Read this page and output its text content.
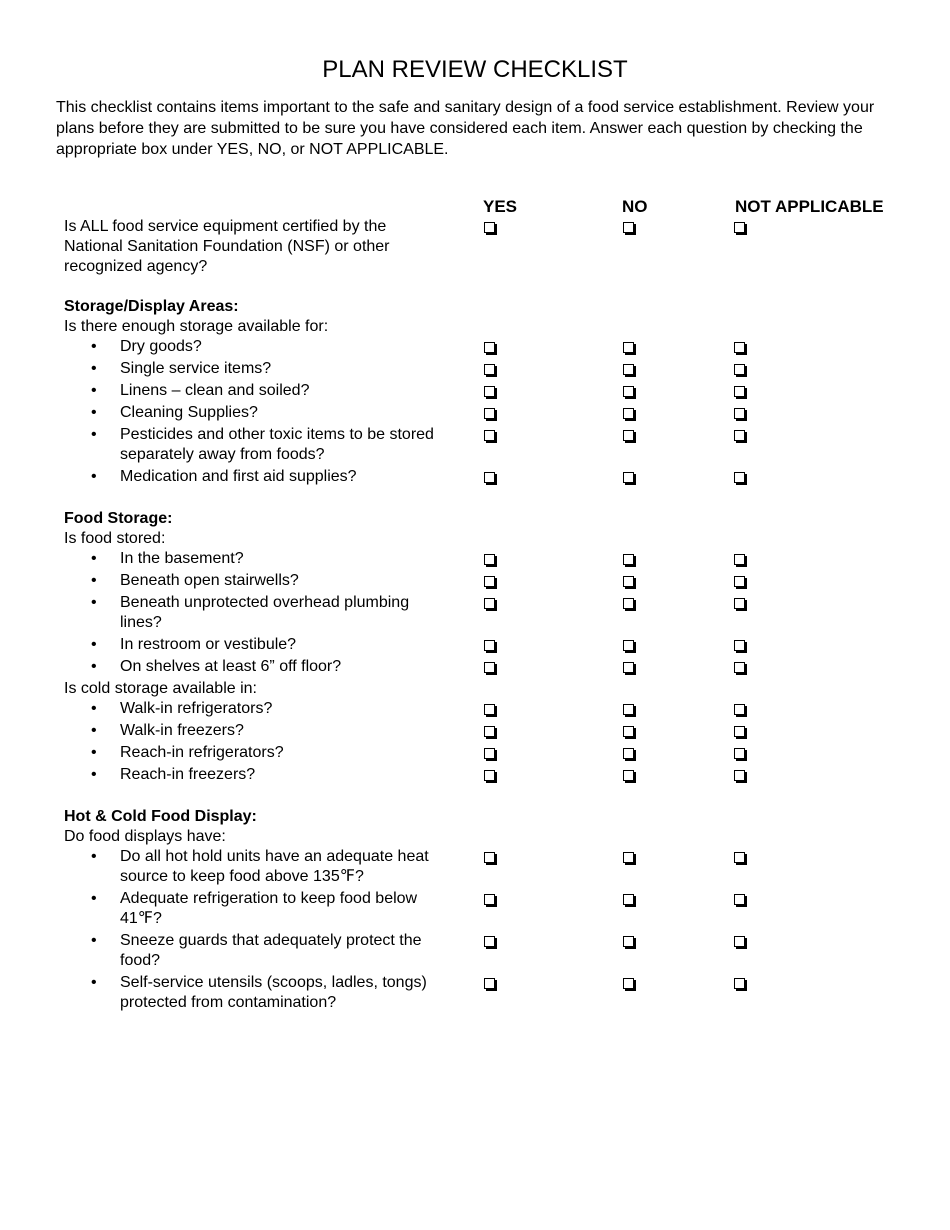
PLAN REVIEW CHECKLIST

This checklist contains items important to the safe and sanitary design of a food service establishment. Review your plans before they are submitted to be sure you have considered each item. Answer each question by checking the appropriate box under YES, NO, or NOT APPLICABLE.

YES	NO	NOT APPLICABLE
Is ALL food service equipment certified by the National Sanitation Foundation (NSF) or other recognized agency?
Storage/Display Areas:
Is there enough storage available for:
• Dry goods?
• Single service items?
• Linens – clean and soiled?
• Cleaning Supplies?
• Pesticides and other toxic items to be stored separately away from foods?
• Medication and first aid supplies?
Food Storage:
Is food stored:
• In the basement?
• Beneath open stairwells?
• Beneath unprotected overhead plumbing lines?
• In restroom or vestibule?
• On shelves at least 6” off floor?
Is cold storage available in:
• Walk-in refrigerators?
• Walk-in freezers?
• Reach-in refrigerators?
• Reach-in freezers?
Hot & Cold Food Display:
Do food displays have:
• Do all hot hold units have an adequate heat source to keep food above 135℉?
• Adequate refrigeration to keep food below 41℉?
• Sneeze guards that adequately protect the food?
• Self-service utensils (scoops, ladles, tongs) protected from contamination?
